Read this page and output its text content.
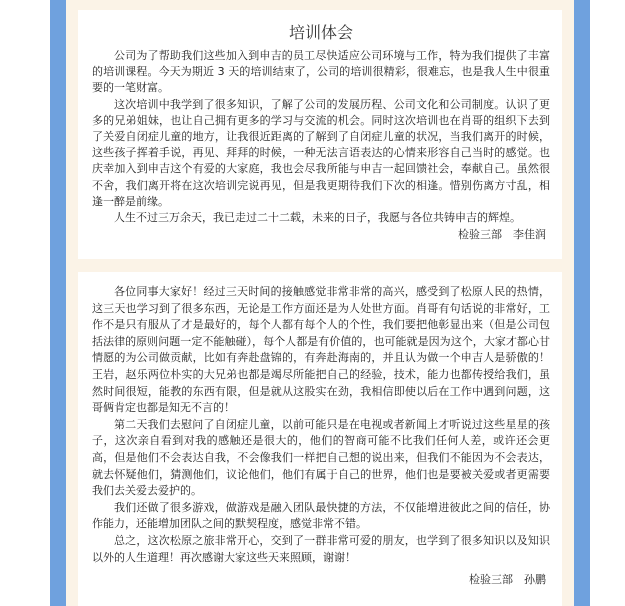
培训体会

公司为了帮助我们这些加入到申吉的员工尽快适应公司环境与工作，特为我们提供了丰富的培训课程。今天为期近 3 天的培训结束了，公司的培训很精彩，很难忘，也是我人生中很重要的一笔财富。

这次培训中我学到了很多知识，了解了公司的发展历程、公司文化和公司制度。认识了更多的兄弟姐妹，也让自己拥有更多的学习与交流的机会。同时这次培训也在肖哥的组织下去到了关爱自闭症儿童的地方，让我很近距离的了解到了自闭症儿童的状况，当我们离开的时候，这些孩子挥着手说，再见、拜拜的时候，一种无法言语表达的心情来形容自己当时的感觉。也庆幸加入到申吉这个有爱的大家庭，我也会尽我所能与申吉一起回馈社会，奉献自己。虽然很不舍，我们离开将在这次培训完说再见，但是我更期待我们下次的相逢。惜别伤离方寸乱，相逢一醉是前缘。

人生不过三万余天，我已走过二十二载，未来的日子，我愿与各位共铸申吉的辉煌。

检验三部　李佳润

各位同事大家好！经过三天时间的接触感觉非常非常的高兴，感受到了松原人民的热情，这三天也学习到了很多东西，无论是工作方面还是为人处世方面。肖哥有句话说的非常好，工作不是只有服从了才是最好的，每个人都有每个人的个性，我们要把他彰显出来（但是公司包括法律的原则问题一定不能触碰），每个人都是有价值的，也可能就是因为这个，大家才都心甘情愿的为公司做贡献，比如有奔赴盘锦的，有奔赴海南的，并且认为做一个申吉人是骄傲的！王岩，赵乐两位朴实的大兄弟也都是竭尽所能把自己的经验，技术，能力也都传授给我们，虽然时间很短，能教的东西有限，但是就从这股实在劲，我相信即使以后在工作中遇到问题，这哥俩肯定也都是知无不言的！

第二天我们去慰问了自闭症儿童，以前可能只是在电视或者新闻上才听说过这些星星的孩子，这次亲自看到对我的感触还是很大的，他们的智商可能不比我们任何人差，或许还会更高，但是他们不会表达自我，不会像我们一样把自己想的说出来，但我们不能因为不会表达，就去怀疑他们，猜测他们，议论他们，他们有属于自己的世界，他们也是要被关爱或者更需要我们去关爱去爱护的。

我们还做了很多游戏，做游戏是融入团队最快捷的方法，不仅能增进彼此之间的信任，协作能力，还能增加团队之间的默契程度，感觉非常不错。

总之，这次松原之旅非常开心，交到了一群非常可爱的朋友，也学到了很多知识以及知识以外的人生道理！再次感谢大家这些天来照顾，谢谢！

检验三部　孙鹏
